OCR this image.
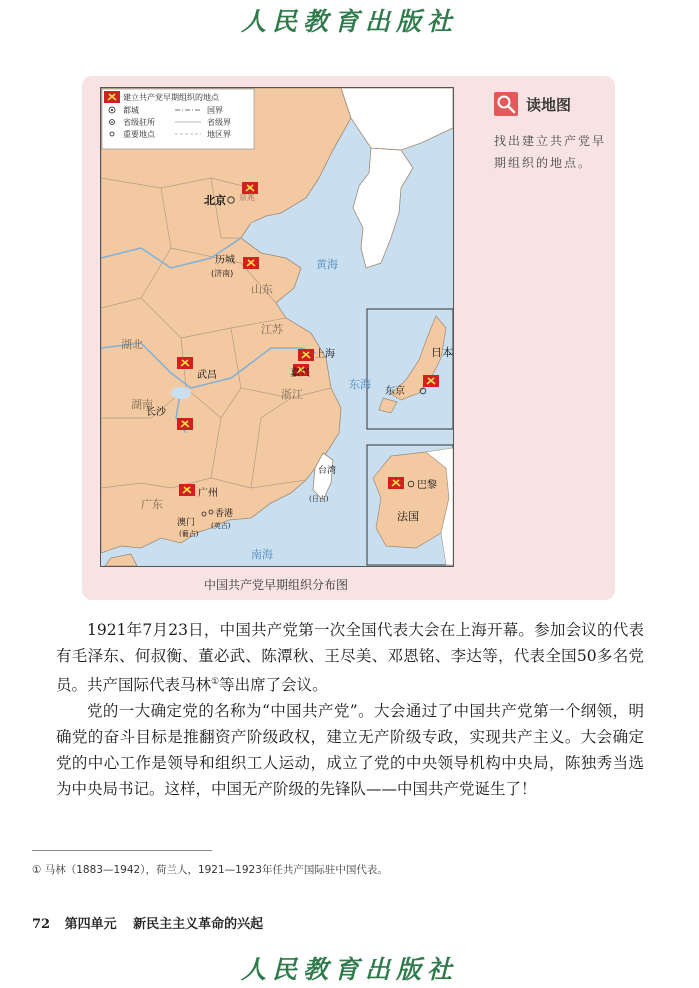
人民教育出版社
建立共产党早期组织的地点
都城
省级驻所
重要地点
国界
省级界
地区界
北京 京兆
历城
(济南)
山东
江苏
上海
嘉兴
浙江
湖北
武昌
湖南
长沙
广东
广州
澳门
(葡占)
香港
(英占)
台湾
(日占)
黄海
东海
南海
东京
日本
巴黎
法国
中国共产党早期组织分布图
读地图
找出建立共产党早期组织的地点。

1921年7月23日，中国共产党第一次全国代表大会在上海开幕。参加会议的代表有毛泽东、何叔衡、董必武、陈潭秋、王尽美、邓恩铭、李达等，代表全国50多名党员。共产国际代表马林①等出席了会议。

党的一大确定党的名称为“中国共产党”。大会通过了中国共产党第一个纲领，明确党的奋斗目标是推翻资产阶级政权，建立无产阶级专政，实现共产主义。大会确定党的中心工作是领导和组织工人运动，成立了党的中央领导机构中央局，陈独秀当选为中央局书记。这样，中国无产阶级的先锋队——中国共产党诞生了！

① 马林（1883—1942），荷兰人，1921—1923年任共产国际驻中国代表。
72 第四单元 新民主主义革命的兴起
人民教育出版社
